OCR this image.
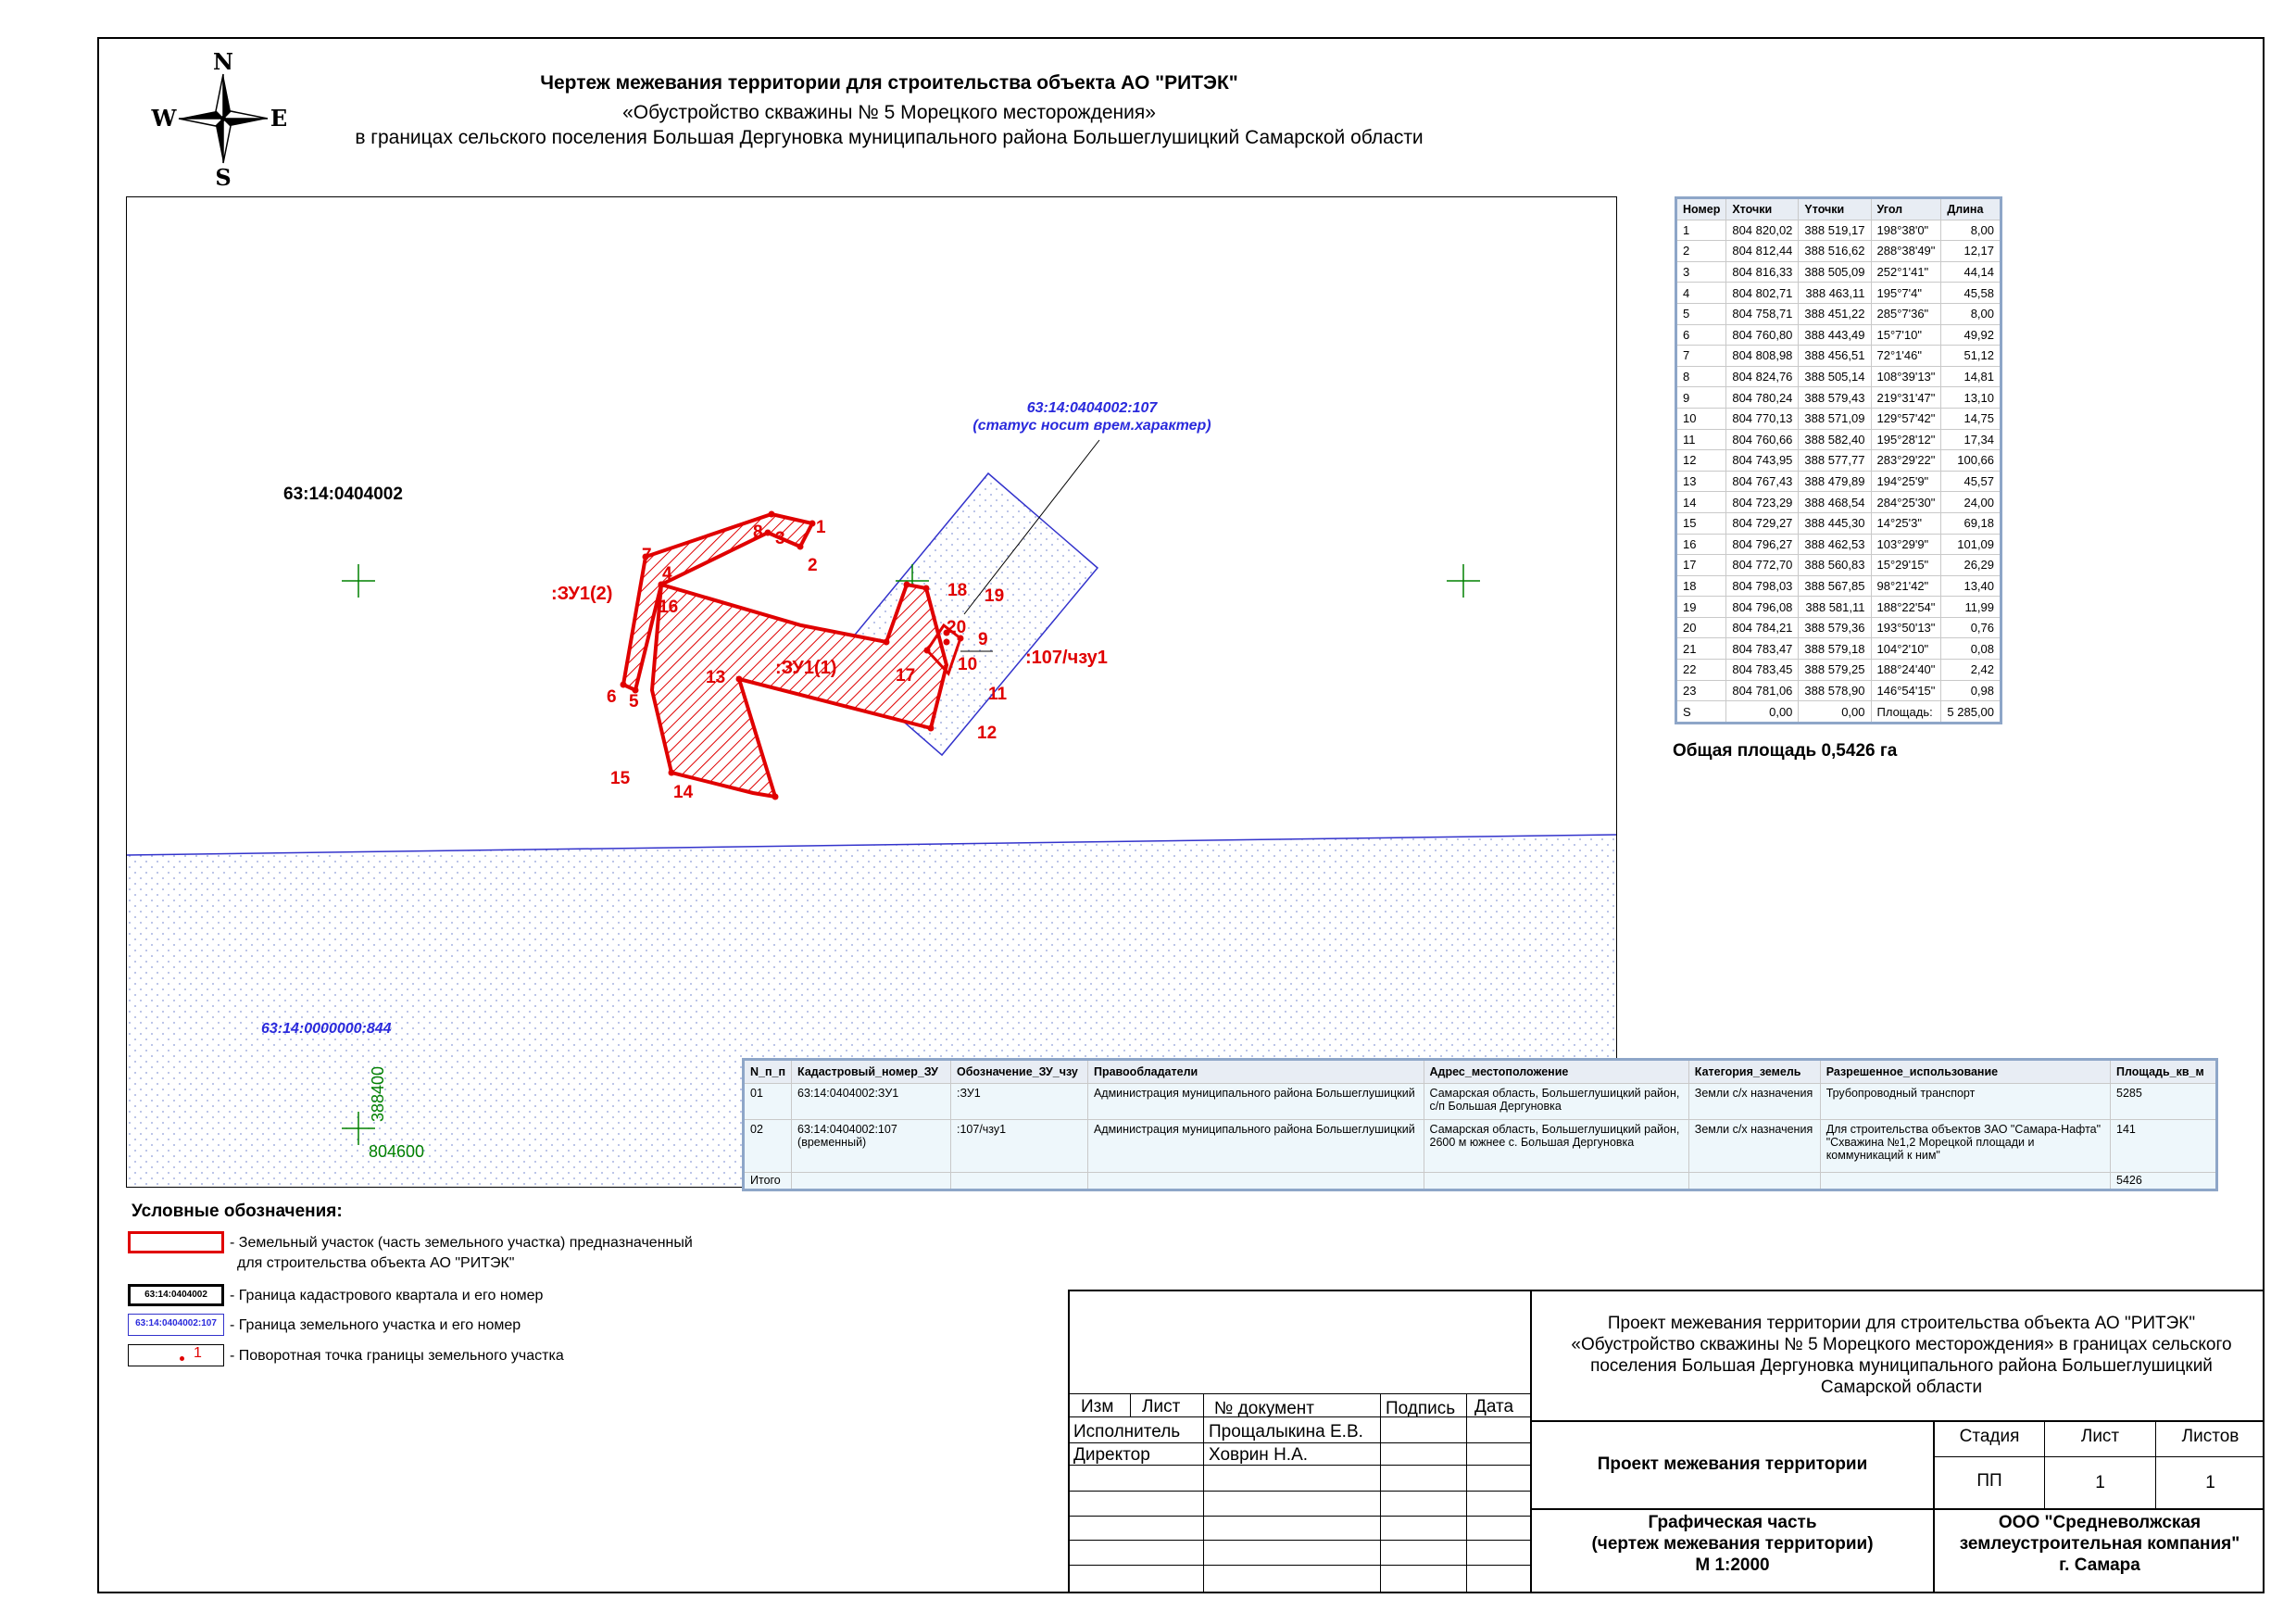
N
S
E
W
Чертеж межевания территории для строительства объекта АО "РИТЭК"
«Обустройство скважины № 5 Морецкого месторождения»
в границах сельского поселения Большая Дергуновка муниципального района Большеглушицкий Самарской области
1
2
3
4
5
6
7
8
9
10
11
12
13
14
15
16
17
18 19
20
:ЗУ1(2)
:ЗУ1(1)	:107/чзу1
63:14:0404002
63:14:0404002:107
(статус носит врем.характер)
63:14:0000000:844
804600
388400
Номер	Xточки	Yточки	Угол	Длина
1	804 820,02	388 519,17	198°38'0"	8,00
2	804 812,44	388 516,62	288°38'49"	12,17
3	804 816,33	388 505,09	252°1'41"	44,14
4	804 802,71	388 463,11	195°7'4"	45,58
5	804 758,71	388 451,22	285°7'36"	8,00
6	804 760,80	388 443,49	15°7'10"	49,92
7	804 808,98	388 456,51	72°1'46"	51,12
8	804 824,76	388 505,14	108°39'13"	14,81
9	804 780,24	388 579,43	219°31'47"	13,10
10	804 770,13	388 571,09	129°57'42"	14,75
11	804 760,66	388 582,40	195°28'12"	17,34
12	804 743,95	388 577,77	283°29'22"	100,66
13	804 767,43	388 479,89	194°25'9"	45,57
14	804 723,29	388 468,54	284°25'30"	24,00
15	804 729,27	388 445,30	14°25'3"	69,18
16	804 796,27	388 462,53	103°29'9"	101,09
17	804 772,70	388 560,83	15°29'15"	26,29
18	804 798,03	388 567,85	98°21'42"	13,40
19	804 796,08	388 581,11	188°22'54"	11,99
20	804 784,21	388 579,36	193°50'13"	0,76
21	804 783,47	388 579,18	104°2'10"	0,08
22	804 783,45	388 579,25	188°24'40"	2,42
23	804 781,06	388 578,90	146°54'15"	0,98
S	0,00	0,00	Площадь:	5 285,00
Общая площадь 0,5426 га
N_п_п	Кадастровый_номер_ЗУ	Обозначение_ЗУ_чзу	Правообладатели	Адрес_местоположение	Категория_земель	Разрешенное_использование	Площадь_кв_м
01	63:14:0404002:ЗУ1	:ЗУ1	Администрация муниципального района Большеглушицкий	Самарская область, Большеглушицкий район, с/п Большая Дергуновка	Земли с/х назначения	Трубопроводный транспорт	5285
02	63:14:0404002:107 (временный)	:107/чзу1	Администрация муниципального района Большеглушицкий	Самарская область, Большеглушицкий район, 2600 м южнее с. Большая Дергуновка	Земли с/х назначения	Для строительства объектов ЗАО "Самара-Нафта" "Схважина №1,2 Морецкой площади и коммуникаций к ним"	141
Итого							5426
Условные обозначения:
- Земельный участок (часть земельного участка) предназначенный
для строительства объекта АО "РИТЭК"
63:14:0404002	- Граница кадастрового квартала и его номер
63:14:0404002:107 - Граница земельного участка и его номер
1 - Поворотная точка границы земельного участка
Проект межевания территории для строительства объекта АО "РИТЭК" «Обустройство скважины № 5 Морецкого месторождения» в границах сельского поселения Большая Дергуновка муниципального района Большеглушицкий Самарской области
Изм Лист № документ	Подпись Дата
Исполнитель Прощалыкина Е.В.
Директор	Ховрин Н.А.	Проект межевания территории
Стадия	Лист	Листов
ПП	1	1
Графическая часть
(чертеж межевания территории)
М 1:2000
ООО "Средневолжская
землеустроительная компания"
г. Самара
